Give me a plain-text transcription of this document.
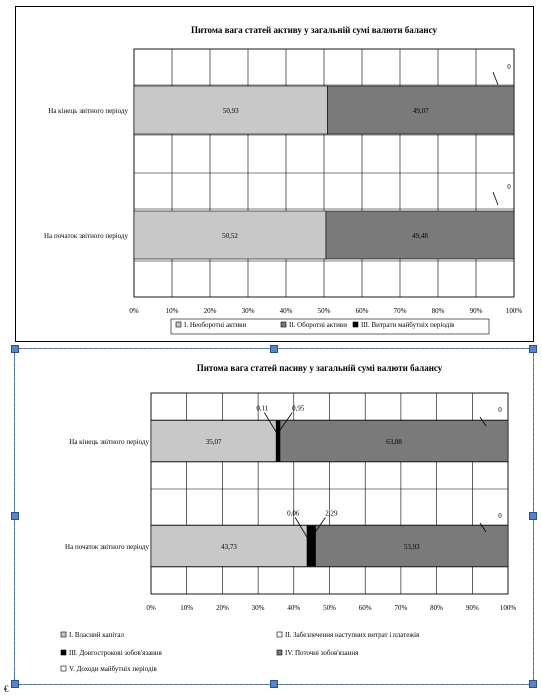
Питома вага статей активу у загальній сумі валюти балансу
0%	10%	20%	30%	40%	50%	60%	70%	80%	90%	100%
На кінець звітного періоду
На початок звітного періоду
50,93	49,07
50,52	49,48
0
0
I. Необоротні активи	II. Оборотні активи III. Витрати майбутніх періодів
Питома вага статей пасиву у загальній сумі валюти балансу
0%	10%	20%	30%	40%	50%	60%	70%	80%	90%	100%
На кінець звітного періоду
На початок звітного періоду
35,07	63,88
43,73	53,93
0,11	0,95	0
0,06	2,29	0
I. Власний капітал	II. Забезпечення наступних витрат і платежів
III. Довгострокові зобов'язання	IV. Поточні зобов'язання
V. Доходи майбутніх періодів
€
